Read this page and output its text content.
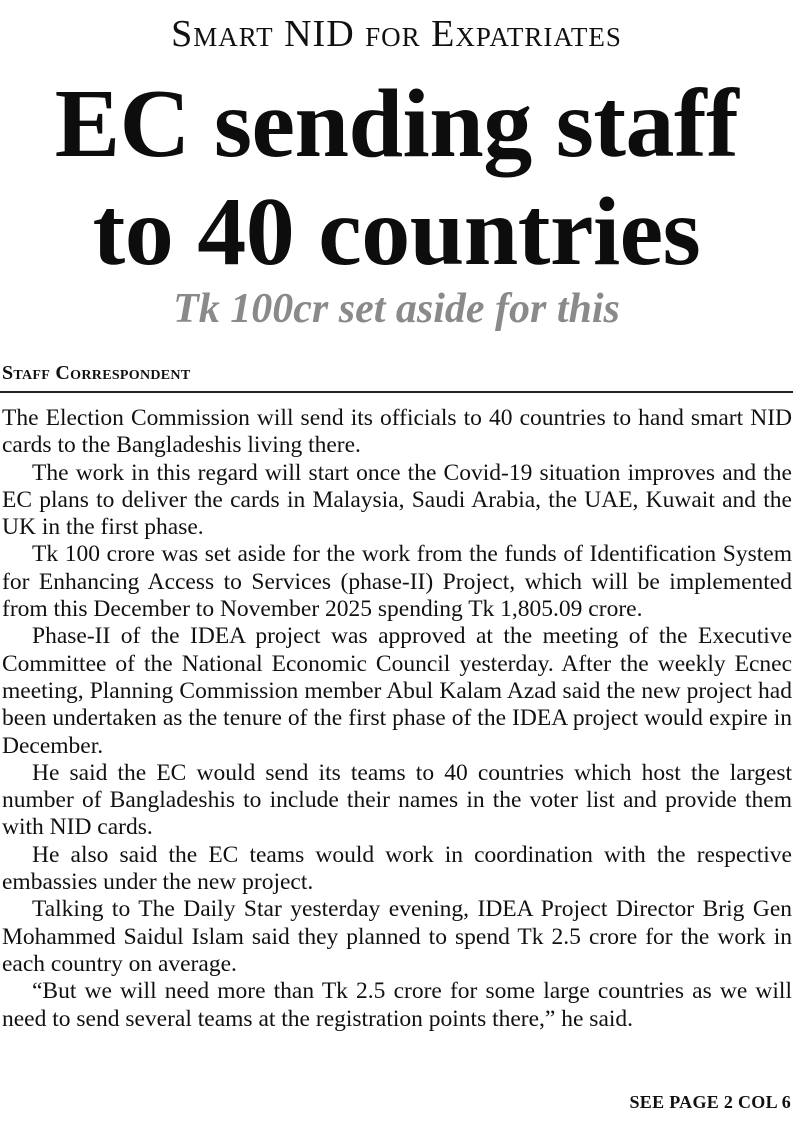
Smart NID for Expatriates
EC sending staff
to 40 countries
Tk 100cr set aside for this
Staff Correspondent

The Election Commission will send its officials to 40 countries to hand smart NID cards to the Bangladeshis living there.

The work in this regard will start once the Covid-19 situation improves and the EC plans to deliver the cards in Malaysia, Saudi Arabia, the UAE, Kuwait and the UK in the first phase.

Tk 100 crore was set aside for the work from the funds of Identification System for Enhancing Access to Services (phase-II) Project, which will be implemented from this December to November 2025 spending Tk 1,805.09 crore.

Phase-II of the IDEA project was approved at the meeting of the Executive Committee of the National Economic Council yesterday. After the weekly Ecnec meeting, Planning Commission member Abul Kalam Azad said the new project had been undertaken as the tenure of the first phase of the IDEA project would expire in December.

He said the EC would send its teams to 40 countries which host the largest number of Bangladeshis to include their names in the voter list and provide them with NID cards.

He also said the EC teams would work in coordination with the respective embassies under the new project.

Talking to The Daily Star yesterday evening, IDEA Project Director Brig Gen Mohammed Saidul Islam said they planned to spend Tk 2.5 crore for the work in each country on average.

“But we will need more than Tk 2.5 crore for some large countries as we will need to send several teams at the registration points there,” he said.

SEE PAGE 2 COL 6
